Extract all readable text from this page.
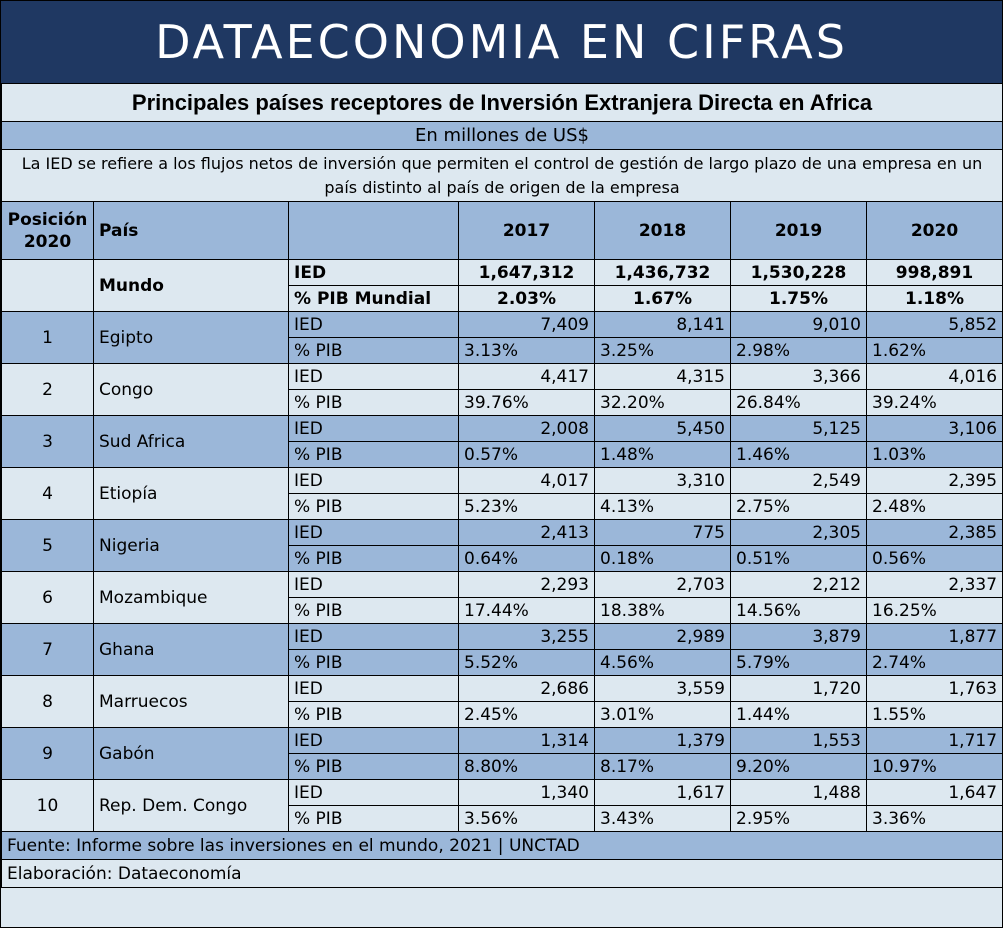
DATAECONOMIA EN CIFRAS
Principales países receptores de Inversión Extranjera Directa en Africa						
En millones de US$						
La IED se refiere a los flujos netos de inversión que permiten el control de gestión de largo plazo de una empresa en un país distinto al país de origen de la empresa						
Posición 2020	País		2017	2018	2019	2020
	Mundo	IED	1,647,312	1,436,732	1,530,228	998,891
		% PIB Mundial	2.03%	1.67%	1.75%	1.18%
1	Egipto	IED	7,409	8,141	9,010	5,852
		% PIB	3.13%	3.25%	2.98%	1.62%
2	Congo	IED	4,417	4,315	3,366	4,016
		% PIB	39.76%	32.20%	26.84%	39.24%
3	Sud Africa	IED	2,008	5,450	5,125	3,106
		% PIB	0.57%	1.48%	1.46%	1.03%
4	Etiopía	IED	4,017	3,310	2,549	2,395
		% PIB	5.23%	4.13%	2.75%	2.48%
5	Nigeria	IED	2,413	775	2,305	2,385
		% PIB	0.64%	0.18%	0.51%	0.56%
6	Mozambique	IED	2,293	2,703	2,212	2,337
		% PIB	17.44%	18.38%	14.56%	16.25%
7	Ghana	IED	3,255	2,989	3,879	1,877
		% PIB	5.52%	4.56%	5.79%	2.74%
8	Marruecos	IED	2,686	3,559	1,720	1,763
		% PIB	2.45%	3.01%	1.44%	1.55%
9	Gabón	IED	1,314	1,379	1,553	1,717
		% PIB	8.80%	8.17%	9.20%	10.97%
10	Rep. Dem. Congo	IED	1,340	1,617	1,488	1,647
		% PIB	3.56%	3.43%	2.95%	3.36%
Fuente: Informe sobre las inversiones en el mundo, 2021 | UNCTAD						
Elaboración: Dataeconomía						
